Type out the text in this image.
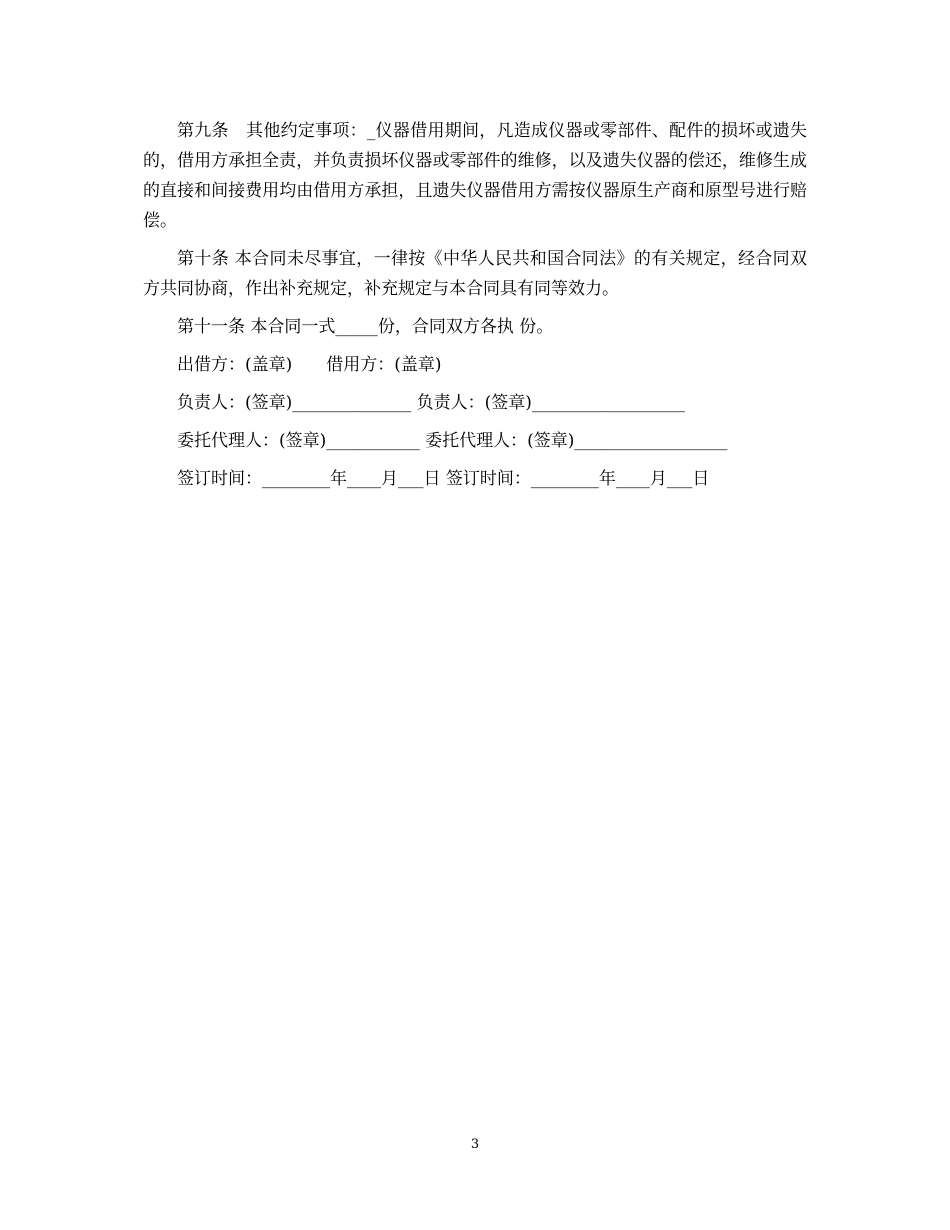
第九条　其他约定事项：_仪器借用期间，凡造成仪器或零部件、配件的损坏或遗失的，借用方承担全责，并负责损坏仪器或零部件的维修，以及遗失仪器的偿还，维修生成的直接和间接费用均由借用方承担，且遗失仪器借用方需按仪器原生产商和原型号进行赔偿。

第十条 本合同未尽事宜，一律按《中华人民共和国合同法》的有关规定，经合同双方共同协商，作出补充规定，补充规定与本合同具有同等效力。

第十一条 本合同一式_____份，合同双方各执 份。

出借方：(盖章)　　借用方：(盖章)

负责人：(签章)______________ 负责人：(签章)__________________

委托代理人：(签章)___________ 委托代理人：(签章)__________________

签订时间：________年____月___日 签订时间：________年____月___日

3
